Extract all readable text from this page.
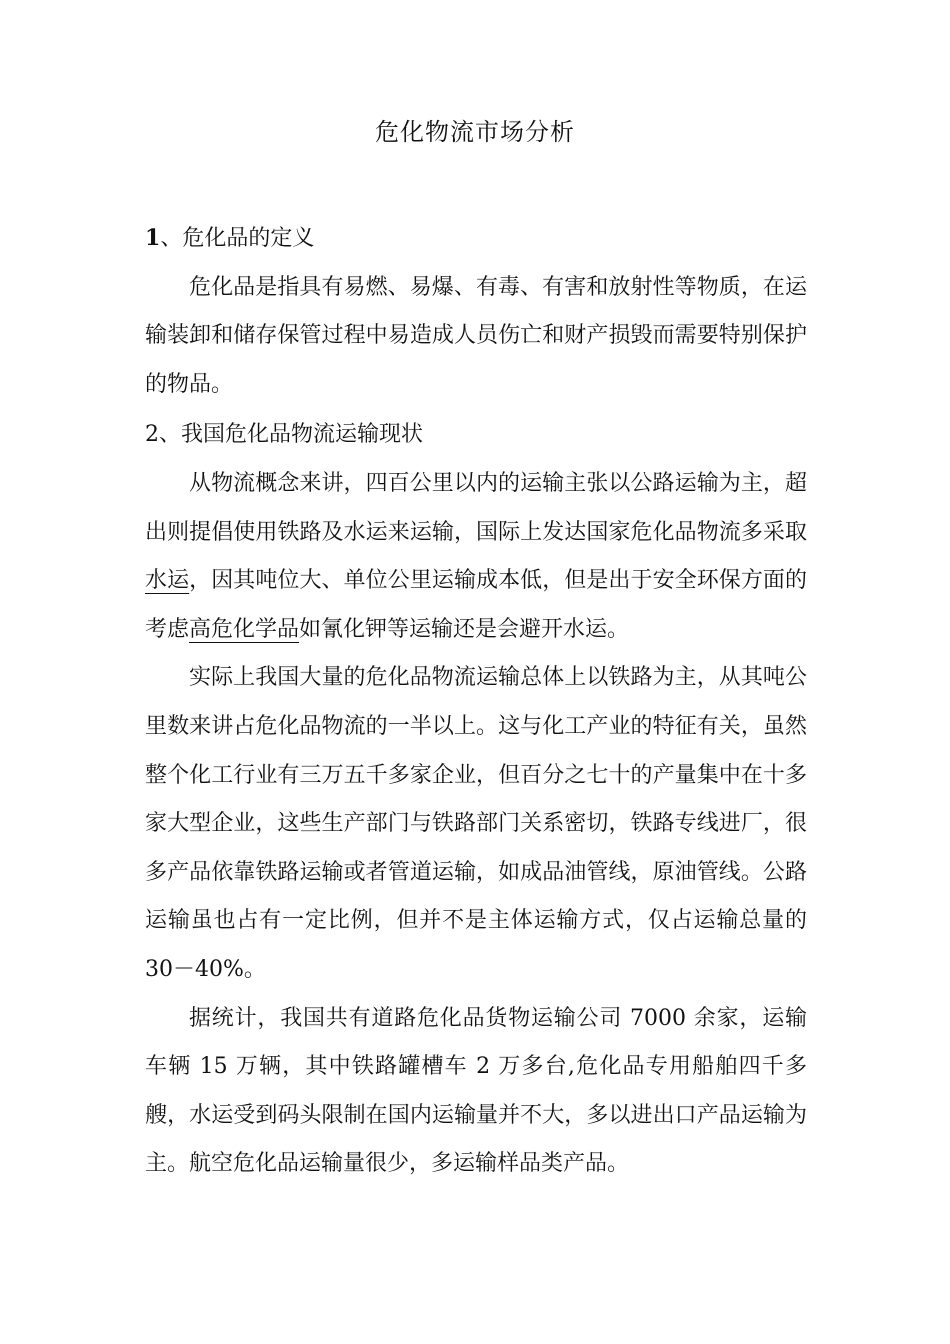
危化物流市场分析

1、危化品的定义

危化品是指具有易燃、易爆、有毒、有害和放射性等物质，在运输装卸和储存保管过程中易造成人员伤亡和财产损毁而需要特别保护的物品。

2、我国危化品物流运输现状

从物流概念来讲，四百公里以内的运输主张以公路运输为主，超出则提倡使用铁路及水运来运输，国际上发达国家危化品物流多采取水运，因其吨位大、单位公里运输成本低，但是出于安全环保方面的考虑高危化学品如氰化钾等运输还是会避开水运。

实际上我国大量的危化品物流运输总体上以铁路为主，从其吨公里数来讲占危化品物流的一半以上。这与化工产业的特征有关，虽然整个化工行业有三万五千多家企业，但百分之七十的产量集中在十多家大型企业，这些生产部门与铁路部门关系密切，铁路专线进厂，很多产品依靠铁路运输或者管道运输，如成品油管线，原油管线。公路运输虽也占有一定比例，但并不是主体运输方式，仅占运输总量的30－40%。

据统计，我国共有道路危化品货物运输公司 7000 余家，运输车辆 15 万辆，其中铁路罐槽车 2 万多台,危化品专用船舶四千多艘，水运受到码头限制在国内运输量并不大，多以进出口产品运输为主。航空危化品运输量很少，多运输样品类产品。
